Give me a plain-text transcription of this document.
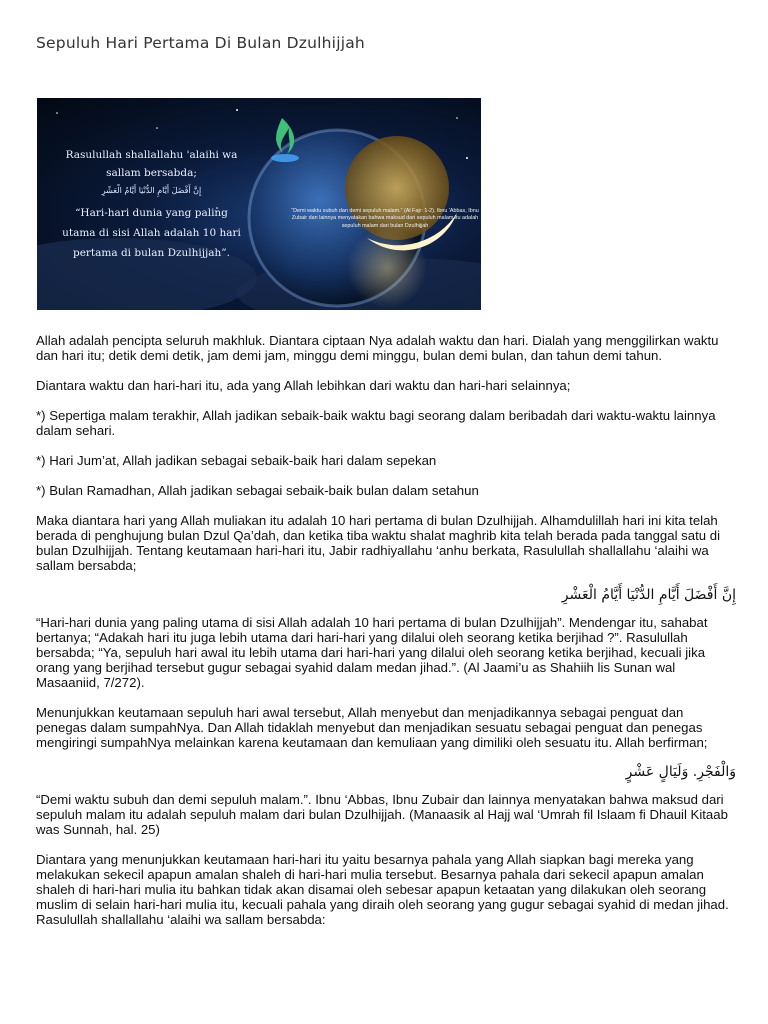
Sepuluh Hari Pertama Di Bulan Dzulhijjah
Rasulullah shallallahu 'alaihi wa
sallam bersabda;
إِنَّ أَفْضَلَ أَيَّامِ الدُّنْيَا أَيَّامُ الْعَشْرِ
“Hari-hari dunia yang paling
utama di sisi Allah adalah 10 hari
pertama di bulan Dzulhijjah”.
“Demi waktu subuh dan demi sepuluh malam.” (Al Fajr: 1-2). Ibnu 'Abbas, Ibnu Zubair dan lainnya menyatakan bahwa maksud dari sepuluh malam itu adalah sepuluh malam dari bulan Dzulhijjah

Allah adalah pencipta seluruh makhluk. Diantara ciptaan Nya adalah waktu dan hari. Dialah yang menggilirkan waktu dan hari itu; detik demi detik, jam demi jam, minggu demi minggu, bulan demi bulan, dan tahun demi tahun.

Diantara waktu dan hari-hari itu, ada yang Allah lebihkan dari waktu dan hari-hari selainnya;

*) Sepertiga malam terakhir, Allah jadikan sebaik-baik waktu bagi seorang dalam beribadah dari waktu-waktu lainnya dalam sehari.

*) Hari Jum’at, Allah jadikan sebagai sebaik-baik hari dalam sepekan

*) Bulan Ramadhan, Allah jadikan sebagai sebaik-baik bulan dalam setahun

Maka diantara hari yang Allah muliakan itu adalah 10 hari pertama di bulan Dzulhijjah. Alhamdulillah hari ini kita telah berada di penghujung bulan Dzul Qa’dah, dan ketika tiba waktu shalat maghrib kita telah berada pada tanggal satu di bulan Dzulhijjah. Tentang keutamaan hari-hari itu, Jabir radhiyallahu ‘anhu berkata, Rasulullah shallallahu ‘alaihi wa sallam bersabda;

إِنَّ أَفْضَلَ أَيَّامِ الدُّنْيَا أَيَّامُ الْعَشْرِ

“Hari-hari dunia yang paling utama di sisi Allah adalah 10 hari pertama di bulan Dzulhijjah”. Mendengar itu, sahabat bertanya; “Adakah hari itu juga lebih utama dari hari-hari yang dilalui oleh seorang ketika berjihad ?”. Rasulullah bersabda; “Ya, sepuluh hari awal itu lebih utama dari hari-hari yang dilalui oleh seorang ketika berjihad, kecuali jika orang yang berjihad tersebut gugur sebagai syahid dalam medan jihad.”. (Al Jaami’u as Shahiih lis Sunan wal Masaaniid, 7/272).

Menunjukkan keutamaan sepuluh hari awal tersebut, Allah menyebut dan menjadikannya sebagai penguat dan penegas dalam sumpahNya. Dan Allah tidaklah menyebut dan menjadikan sesuatu sebagai penguat dan penegas mengiringi sumpahNya melainkan karena keutamaan dan kemuliaan yang dimiliki oleh sesuatu itu. Allah berfirman;

وَالْفَجْرِ. وَلَيَالٍ عَشْرٍ

“Demi waktu subuh dan demi sepuluh malam.”. Ibnu ‘Abbas, Ibnu Zubair dan lainnya menyatakan bahwa maksud dari sepuluh malam itu adalah sepuluh malam dari bulan Dzulhijjah. (Manaasik al Hajj wal ‘Umrah fil Islaam fi Dhauil Kitaab was Sunnah, hal. 25)

Diantara yang menunjukkan keutamaan hari-hari itu yaitu besarnya pahala yang Allah siapkan bagi mereka yang melakukan sekecil apapun amalan shaleh di hari-hari mulia tersebut. Besarnya pahala dari sekecil apapun amalan shaleh di hari-hari mulia itu bahkan tidak akan disamai oleh sebesar apapun ketaatan yang dilakukan oleh seorang muslim di selain hari-hari mulia itu, kecuali pahala yang diraih oleh seorang yang gugur sebagai syahid di medan jihad. Rasulullah shallallahu ‘alaihi wa sallam bersabda:
